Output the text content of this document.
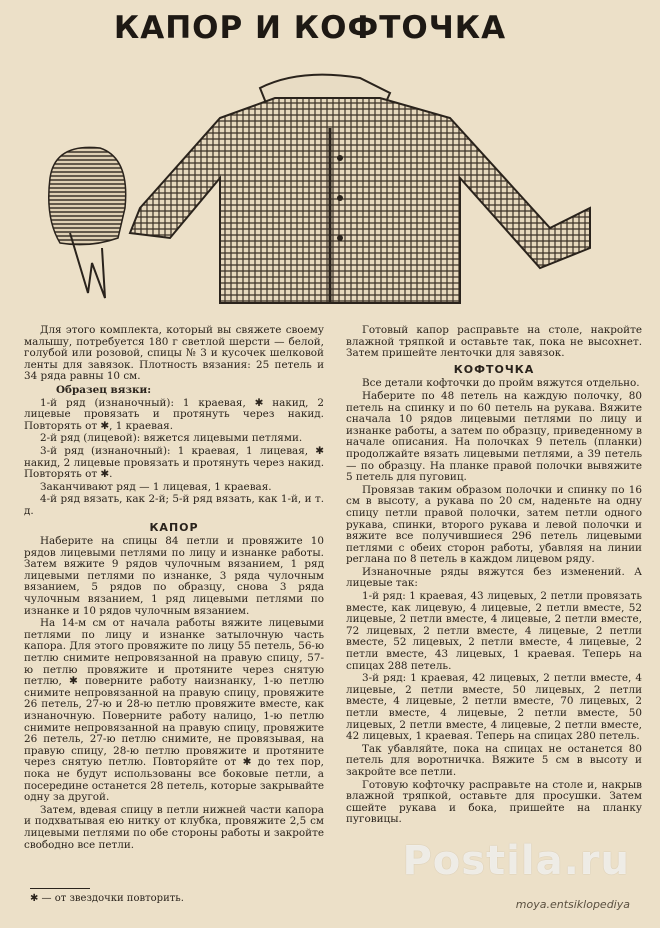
КАПОР И КОФТОЧКА

Для этого комплекта, который вы свяжете своему малышу, потребуется 180 г светлой шерсти — белой, голубой или розовой, спицы № 3 и кусочек шелковой ленты для завязок. Плотность вязания: 25 петель и 34 ряда равны 10 см.

Образец вязки:

1-й ряд (изнаночный): 1 краевая, ✱ накид, 2 лицевые провязать и протянуть через накид. Повторять от ✱, 1 краевая.

2-й ряд (лицевой): вяжется лицевыми петлями.

3-й ряд (изнаночный): 1 краевая, 1 лицевая, ✱ накид, 2 лицевые провязать и протянуть через накид. Повторять от ✱.

Заканчивают ряд — 1 лицевая, 1 краевая.

4-й ряд вязать, как 2-й; 5-й ряд вязать, как 1-й, и т. д.

КАПОР

Наберите на спицы 84 петли и провяжите 10 рядов лицевыми петлями по лицу и изнанке работы. Затем вяжите 9 рядов чулочным вязанием, 1 ряд лицевыми петлями по изнанке, 3 ряда чулочным вязанием, 5 рядов по образцу, снова 3 ряда чулочным вязанием, 1 ряд лицевыми петлями по изнанке и 10 рядов чулочным вязанием.

На 14-м см от начала работы вяжите лицевыми петлями по лицу и изнанке затылочную часть капора. Для этого провяжите по лицу 55 петель, 56-ю петлю снимите непровязанной на правую спицу, 57-ю петлю провяжите и протяните через снятую петлю, ✱ поверните работу наизнанку, 1-ю петлю снимите непровязанной на правую спицу, провяжите 26 петель, 27-ю и 28-ю петлю провяжите вместе, как изнаночную. Поверните работу налицо, 1-ю петлю снимите непровязанной на правую спицу, провяжите 26 петель, 27-ю петлю снимите, не провязывая, на правую спицу, 28-ю петлю провяжите и протяните через снятую петлю. Повторяйте от ✱ до тех пор, пока не будут использованы все боковые петли, а посередине останется 28 петель, которые закрывайте одну за другой.

Затем, вдевая спицу в петли нижней части капора и подхватывая ею нитку от клубка, провяжите 2,5 см лицевыми петлями по обе стороны работы и закройте свободно все петли.

Готовый капор расправьте на столе, накройте влажной тряпкой и оставьте так, пока не высохнет. Затем пришейте ленточки для завязок.

КОФТОЧКА

Все детали кофточки до пройм вяжутся отдельно.

Наберите по 48 петель на каждую полочку, 80 петель на спинку и по 60 петель на рукава. Вяжите сначала 10 рядов лицевыми петлями по лицу и изнанке работы, а затем по образцу, приведенному в начале описания. На полочках 9 петель (планки) продолжайте вязать лицевыми петлями, а 39 петель — по образцу. На планке правой полочки вывяжите 5 петель для пуговиц.

Провязав таким образом полочки и спинку по 16 см в высоту, а рукава по 20 см, наденьте на одну спицу петли правой полочки, затем петли одного рукава, спинки, второго рукава и левой полочки и вяжите все получившиеся 296 петель лицевыми петлями с обеих сторон работы, убавляя на линии реглана по 8 петель в каждом лицевом ряду.

Изнаночные ряды вяжутся без изменений. А лицевые так:

1-й ряд: 1 краевая, 43 лицевых, 2 петли провязать вместе, как лицевую, 4 лицевые, 2 петли вместе, 52 лицевые, 2 петли вместе, 4 лицевые, 2 петли вместе, 72 лицевых, 2 петли вместе, 4 лицевые, 2 петли вместе, 52 лицевых, 2 петли вместе, 4 лицевые, 2 петли вместе, 43 лицевых, 1 краевая. Теперь на спицах 288 петель.

3-й ряд: 1 краевая, 42 лицевых, 2 петли вместе, 4 лицевые, 2 петли вместе, 50 лицевых, 2 петли вместе, 4 лицевые, 2 петли вместе, 70 лицевых, 2 петли вместе, 4 лицевые, 2 петли вместе, 50 лицевых, 2 петли вместе, 4 лицевые, 2 петли вместе, 42 лицевых, 1 краевая. Теперь на спицах 280 петель.

Так убавляйте, пока на спицах не останется 80 петель для воротничка. Вяжите 5 см в высоту и закройте все петли.

Готовую кофточку расправьте на столе и, накрыв влажной тряпкой, оставьте для просушки. Затем сшейте рукава и бока, пришейте на планку пуговицы.

✱ — от звездочки повторить.
Postila.ru
moya.entsiklopediya
